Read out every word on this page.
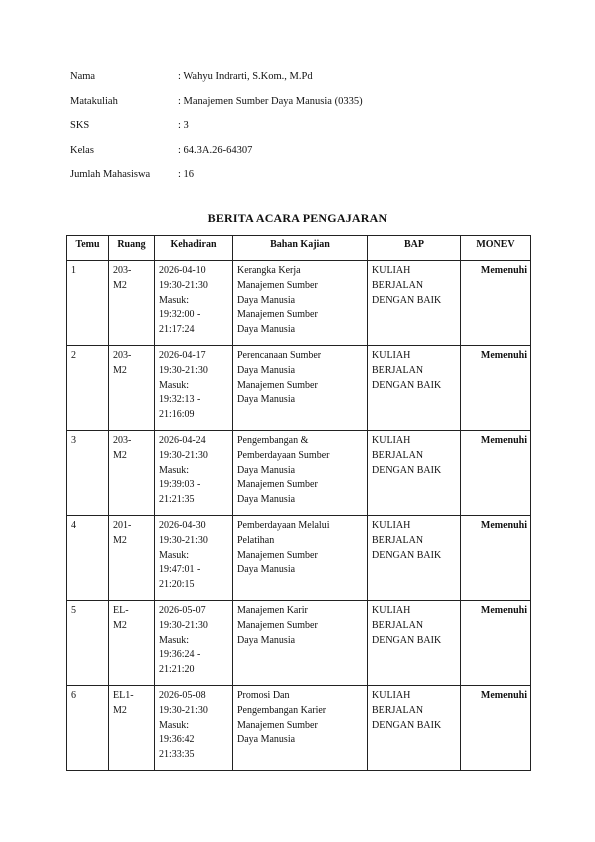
Nama	: Wahyu Indrarti, S.Kom., M.Pd
Matakuliah	: Manajemen Sumber Daya Manusia (0335)
SKS	: 3
Kelas	: 64.3A.26-64307
Jumlah Mahasiswa	: 16
BERITA ACARA PENGAJARAN
Temu	Ruang	Kehadiran	Bahan Kajian	BAP	MONEV
1	203-
M2	2026-04-10
19:30-21:30
Masuk:
19:32:00 -
21:17:24	Kerangka Kerja
Manajemen Sumber
Daya Manusia
Manajemen Sumber
Daya Manusia	KULIAH
BERJALAN
DENGAN BAIK	Memenuhi
2	203-
M2	2026-04-17
19:30-21:30
Masuk:
19:32:13 -
21:16:09	Perencanaan Sumber
Daya Manusia
Manajemen Sumber
Daya Manusia	KULIAH
BERJALAN
DENGAN BAIK	Memenuhi
3	203-
M2	2026-04-24
19:30-21:30
Masuk:
19:39:03 -
21:21:35	Pengembangan &
Pemberdayaan Sumber
Daya Manusia
Manajemen Sumber
Daya Manusia	KULIAH
BERJALAN
DENGAN BAIK	Memenuhi
4	201-
M2	2026-04-30
19:30-21:30
Masuk:
19:47:01 -
21:20:15	Pemberdayaan Melalui
Pelatihan
Manajemen Sumber
Daya Manusia	KULIAH
BERJALAN
DENGAN BAIK	Memenuhi
5	EL-
M2	2026-05-07
19:30-21:30
Masuk:
19:36:24 -
21:21:20	Manajemen Karir
Manajemen Sumber
Daya Manusia	KULIAH
BERJALAN
DENGAN BAIK	Memenuhi
6	EL1-
M2	2026-05-08
19:30-21:30
Masuk:
19:36:42
21:33:35	Promosi Dan
Pengembangan Karier
Manajemen Sumber
Daya Manusia	KULIAH
BERJALAN
DENGAN BAIK	Memenuhi
